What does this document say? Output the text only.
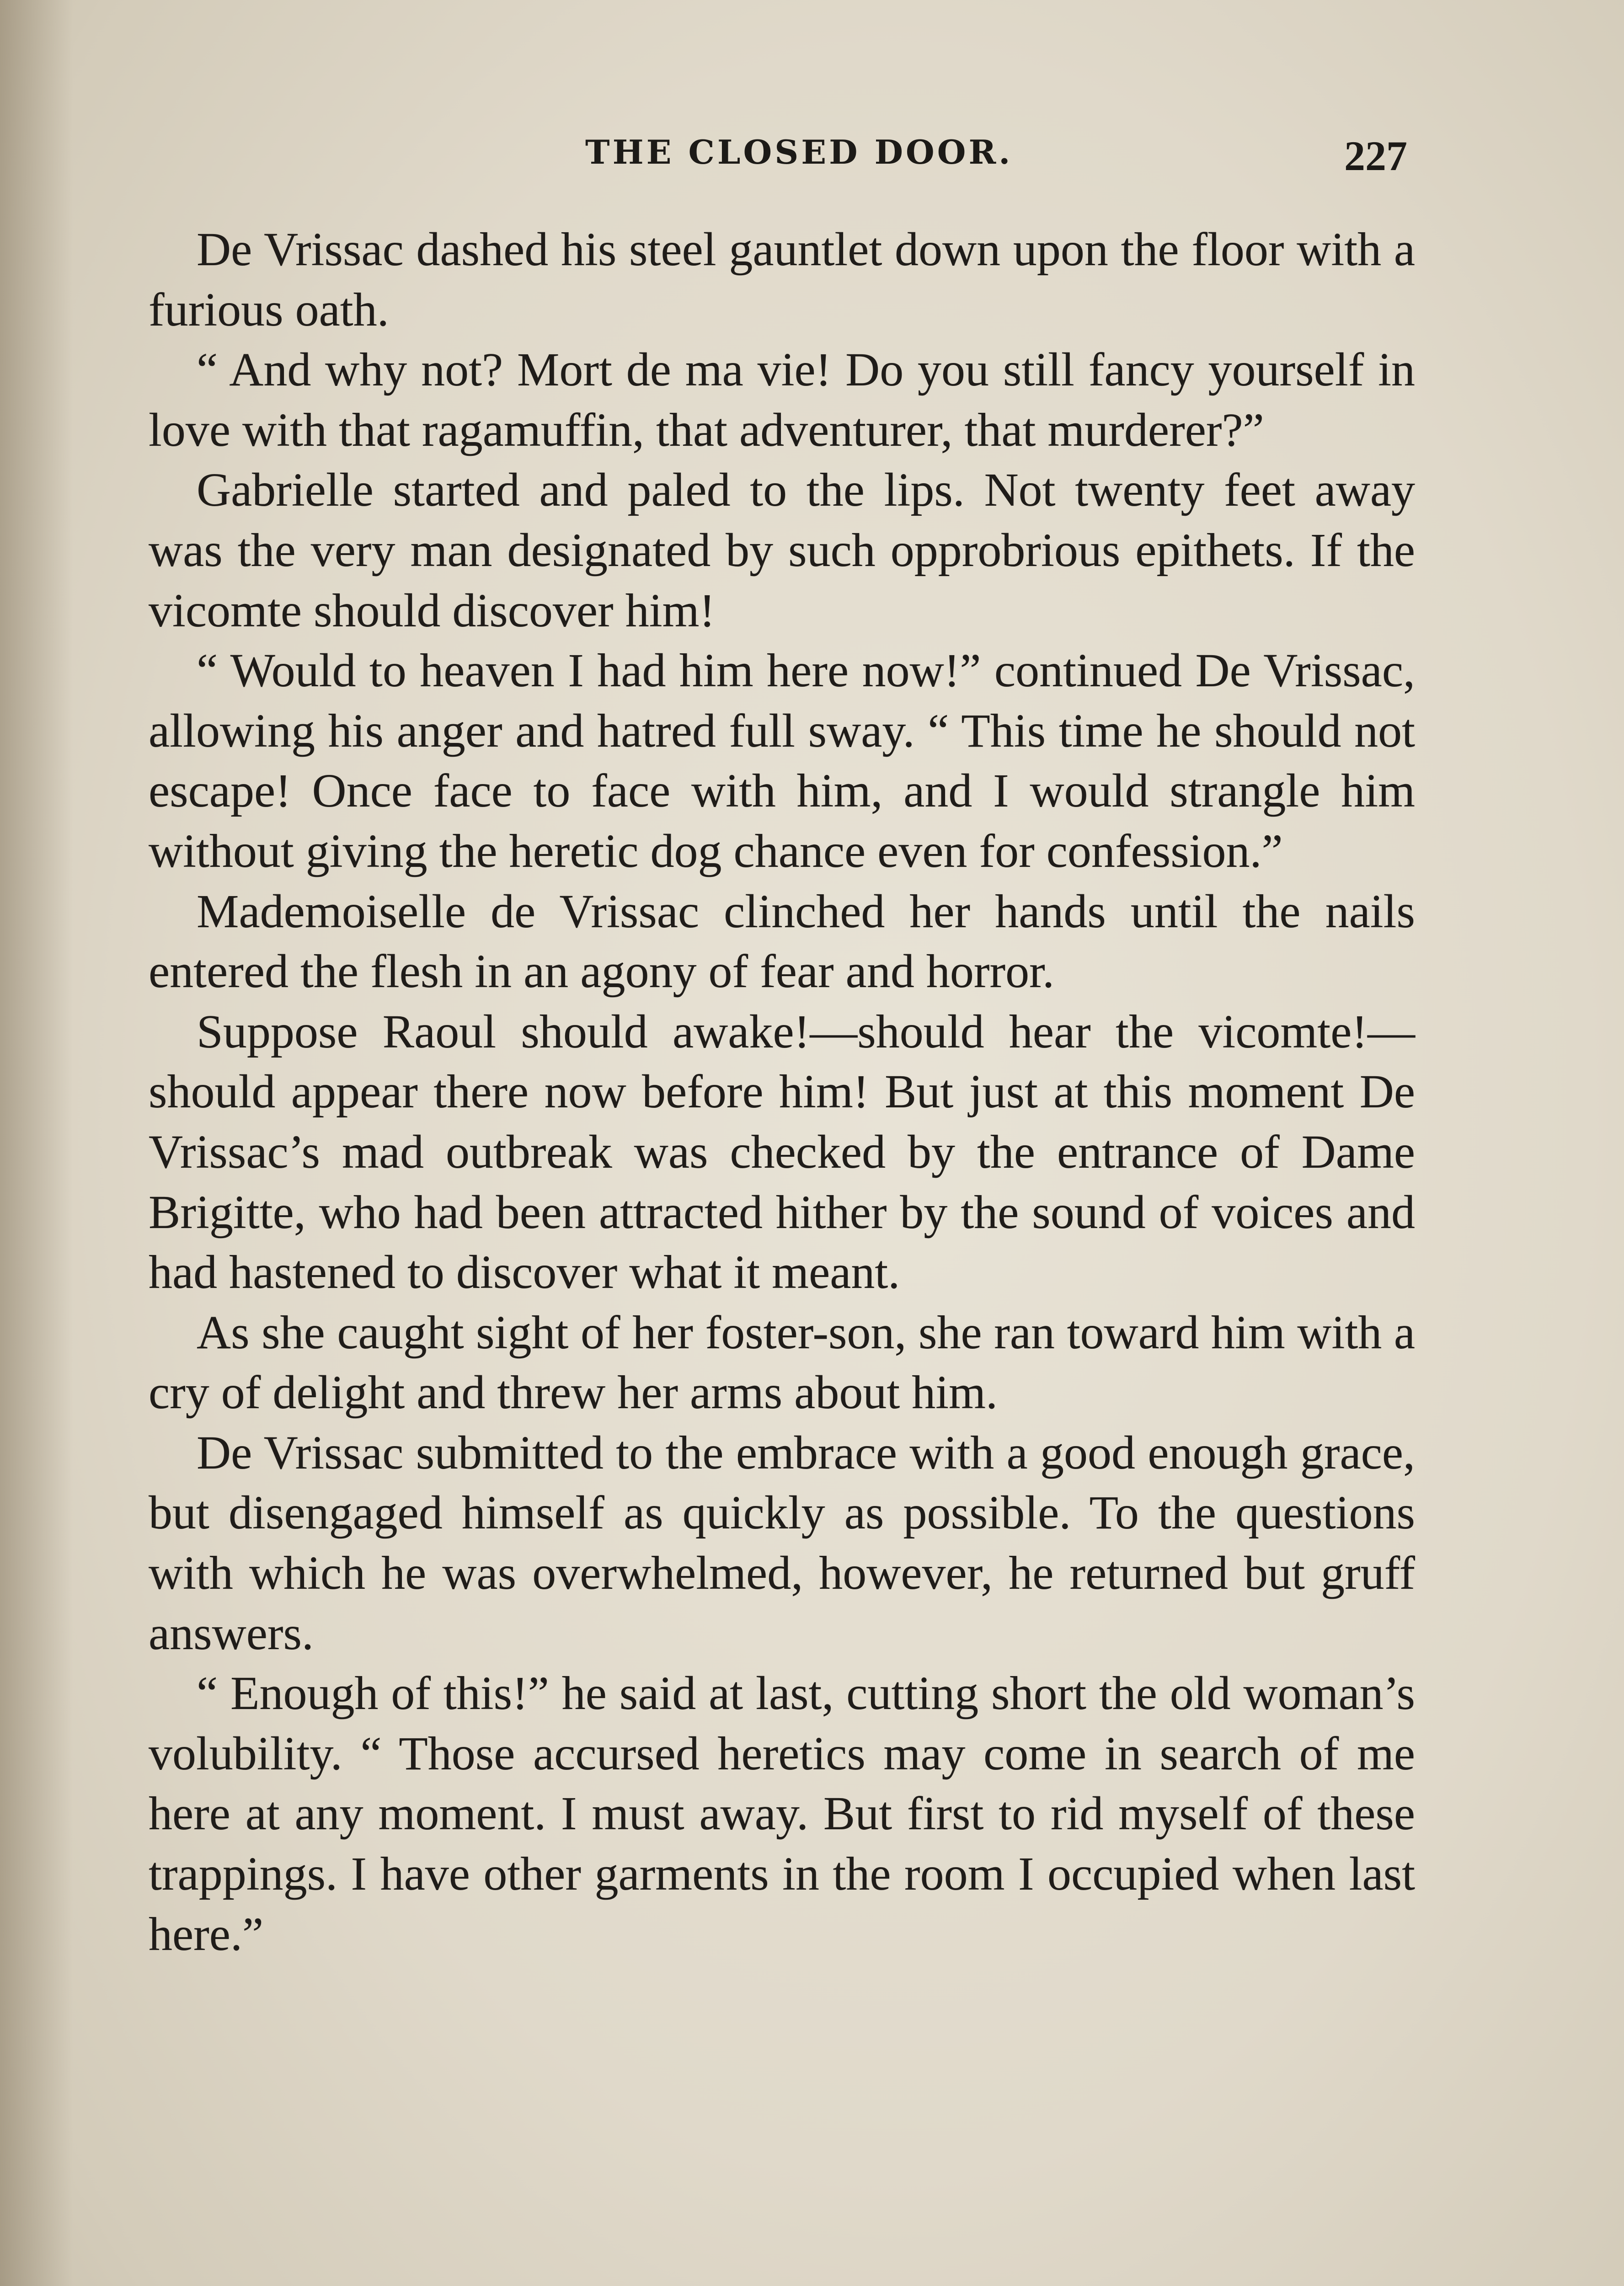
THE CLOSED DOOR.	227

De Vrissac dashed his steel gauntlet down upon the floor with a furious oath.

“ And why not? Mort de ma vie! Do you still fancy yourself in love with that ragamuffin, that adventurer, that murderer?”

Gabrielle started and paled to the lips. Not twenty feet away was the very man designated by such opprobrious epithets. If the vicomte should discover him!

“ Would to heaven I had him here now!” continued De Vrissac, allowing his anger and hatred full sway. “ This time he should not escape! Once face to face with him, and I would strangle him without giving the heretic dog chance even for confession.”

Mademoiselle de Vrissac clinched her hands until the nails entered the flesh in an agony of fear and horror.

Suppose Raoul should awake!—should hear the vicomte!—should appear there now before him! But just at this moment De Vrissac’s mad outbreak was checked by the entrance of Dame Brigitte, who had been attracted hither by the sound of voices and had hastened to discover what it meant.

As she caught sight of her foster-son, she ran toward him with a cry of delight and threw her arms about him.

De Vrissac submitted to the embrace with a good enough grace, but disengaged himself as quickly as possible. To the questions with which he was overwhelmed, however, he returned but gruff answers.

“ Enough of this!” he said at last, cutting short the old woman’s volubility. “ Those accursed heretics may come in search of me here at any moment. I must away. But first to rid myself of these trappings. I have other garments in the room I occupied when last here.”
